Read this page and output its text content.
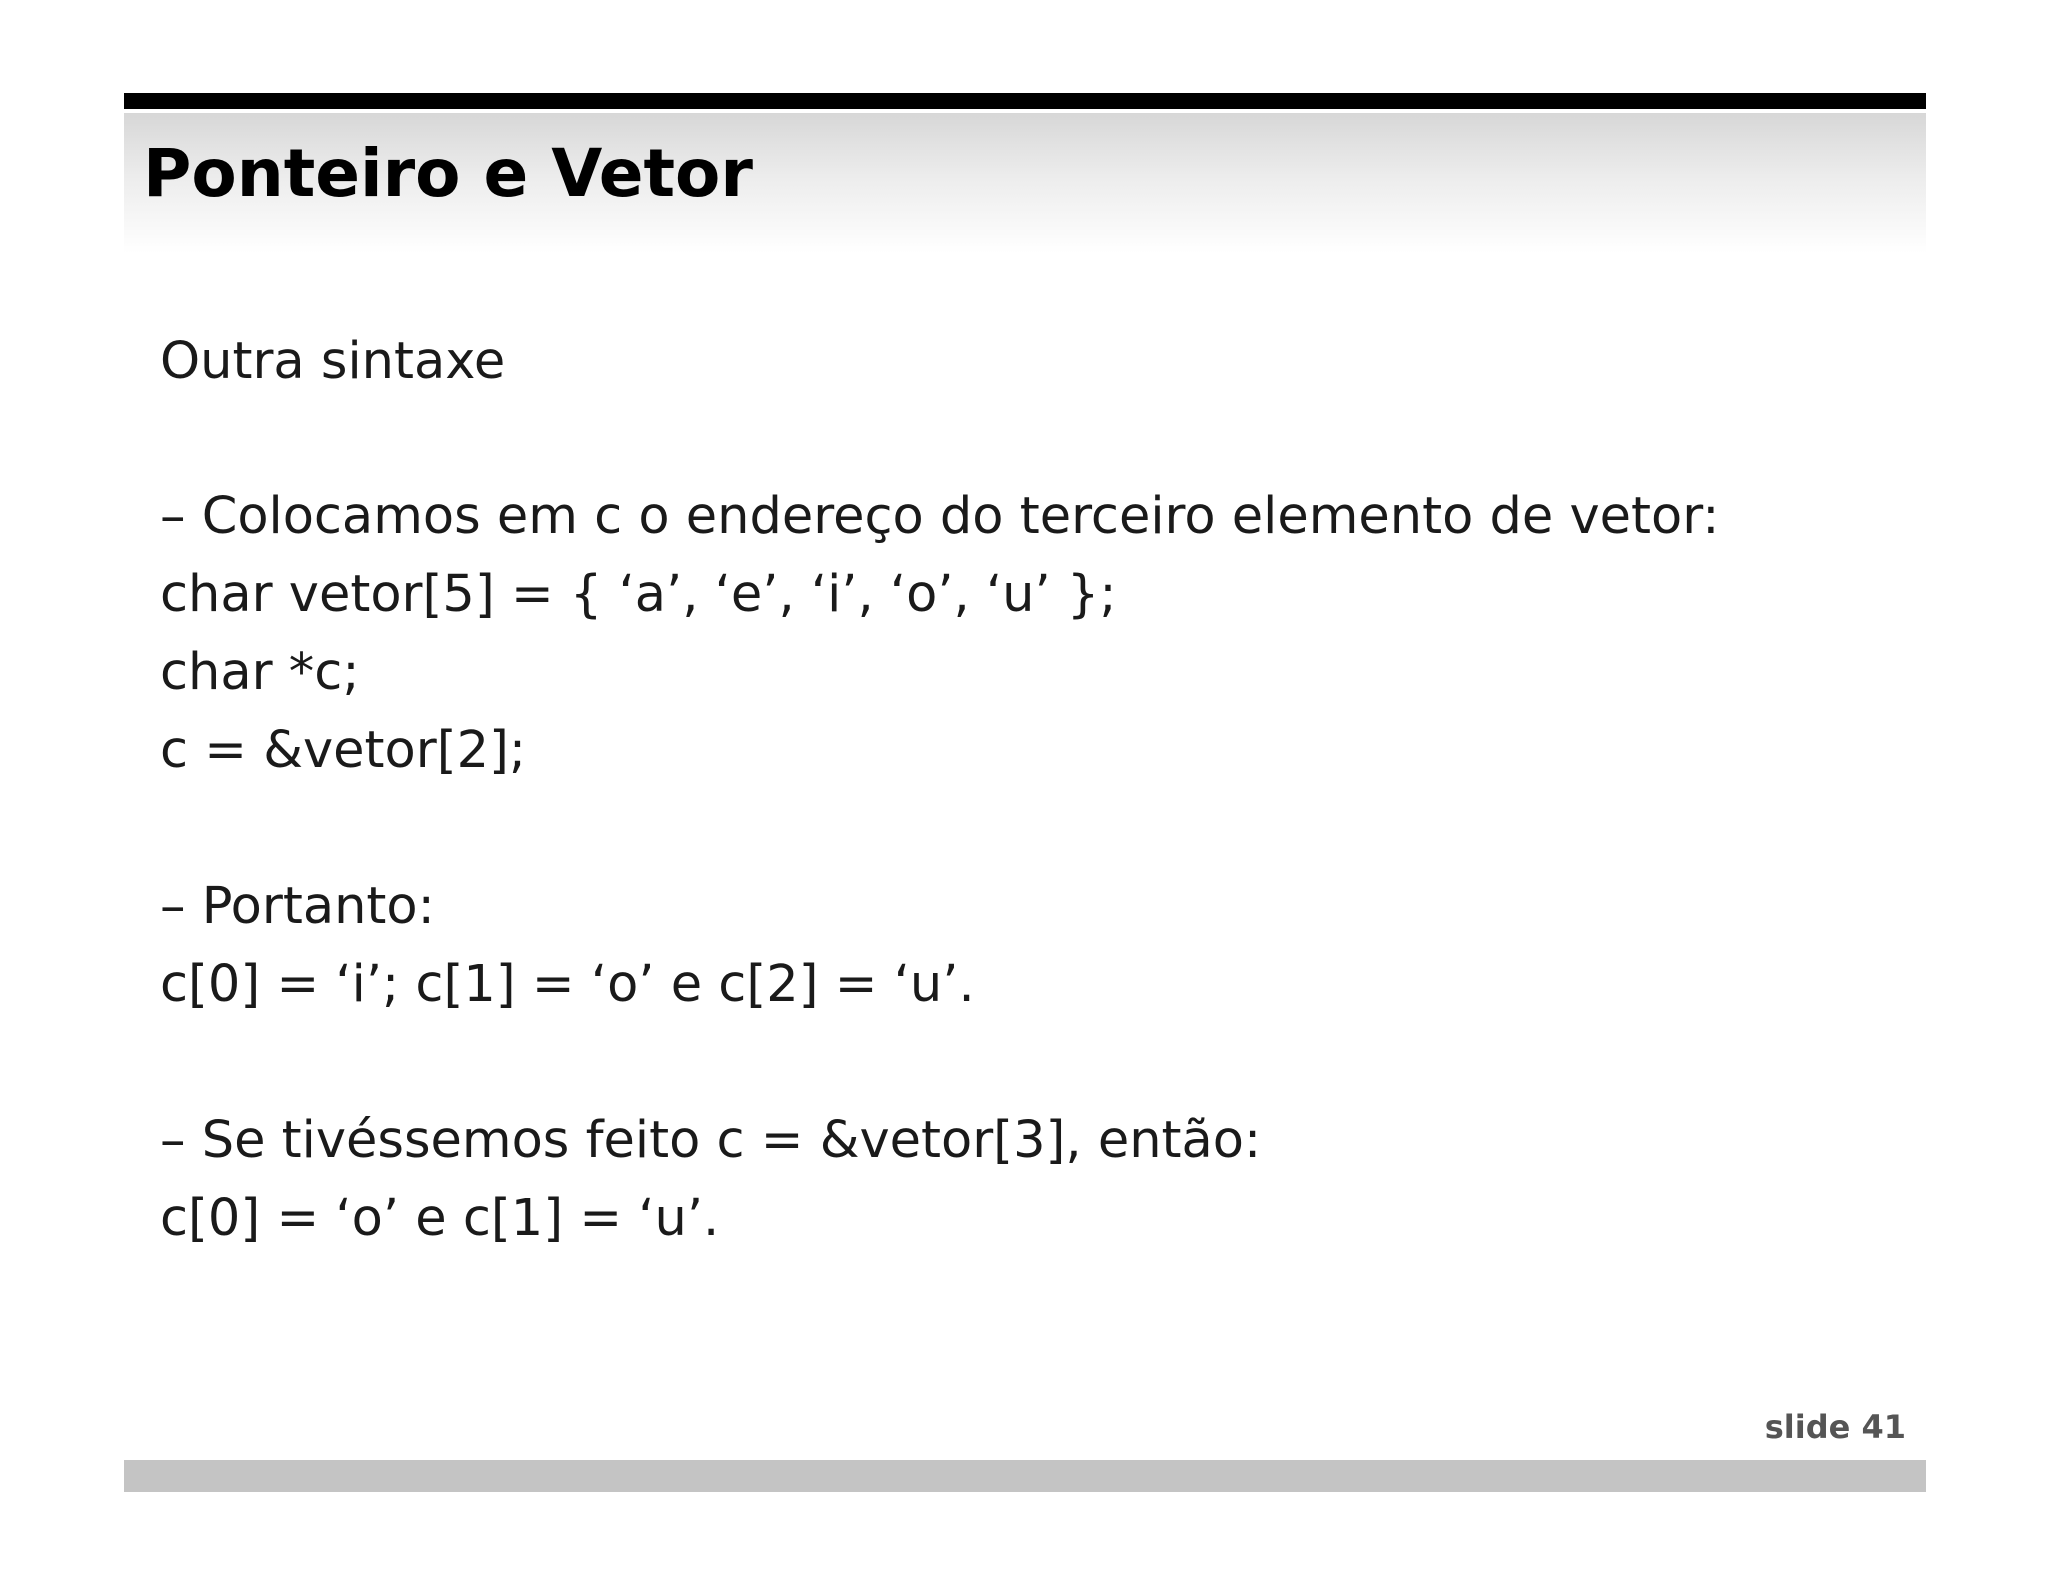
Ponteiro e Vetor

Outra sintaxe

– Colocamos em c o endereço do terceiro elemento de vetor:

char vetor[5] = { ‘a’, ‘e’, ‘i’, ‘o’, ‘u’ };

char *c;

c = &vetor[2];

– Portanto:

c[0] = ‘i’; c[1] = ‘o’ e c[2] = ‘u’.

– Se tivéssemos feito c = &vetor[3], então:

c[0] = ‘o’ e c[1] = ‘u’.

slide 41
